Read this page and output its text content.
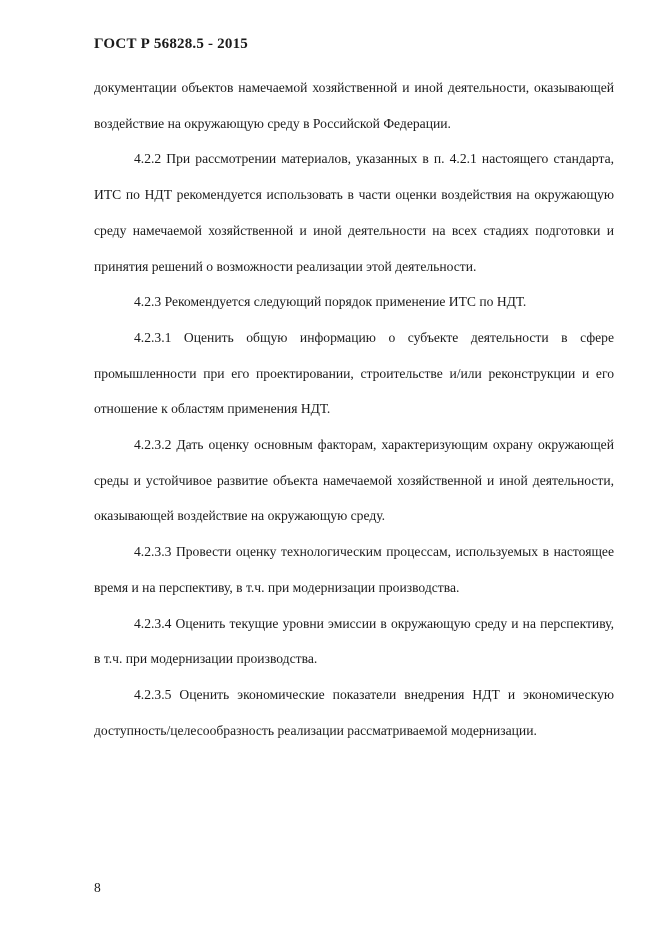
ГОСТ Р 56828.5 - 2015

документации объектов намечаемой хозяйственной и иной деятельности, оказывающей воздействие на окружающую среду в Российской Федерации.

4.2.2 При рассмотрении материалов, указанных в п. 4.2.1 настоящего стандарта, ИТС по НДТ рекомендуется использовать в части оценки воздействия на окружающую среду намечаемой хозяйственной и иной деятельности на всех стадиях подготовки и принятия решений о возможности реализации этой деятельности.

4.2.3 Рекомендуется следующий порядок применение ИТС по НДТ.

4.2.3.1 Оценить общую информацию о субъекте деятельности в сфере промышленности при его проектировании, строительстве и/или реконструкции и его отношение к областям применения НДТ.

4.2.3.2 Дать оценку основным факторам, характеризующим охрану окружающей среды и устойчивое развитие объекта намечаемой хозяйственной и иной деятельности, оказывающей воздействие на окружающую среду.

4.2.3.3 Провести оценку технологическим процессам, используемых в настоящее время и на перспективу, в т.ч. при модернизации производства.

4.2.3.4 Оценить текущие уровни эмиссии в окружающую среду и на перспективу, в т.ч. при модернизации производства.

4.2.3.5 Оценить экономические показатели внедрения НДТ и экономическую доступность/целесообразность реализации рассматриваемой модернизации.

8
